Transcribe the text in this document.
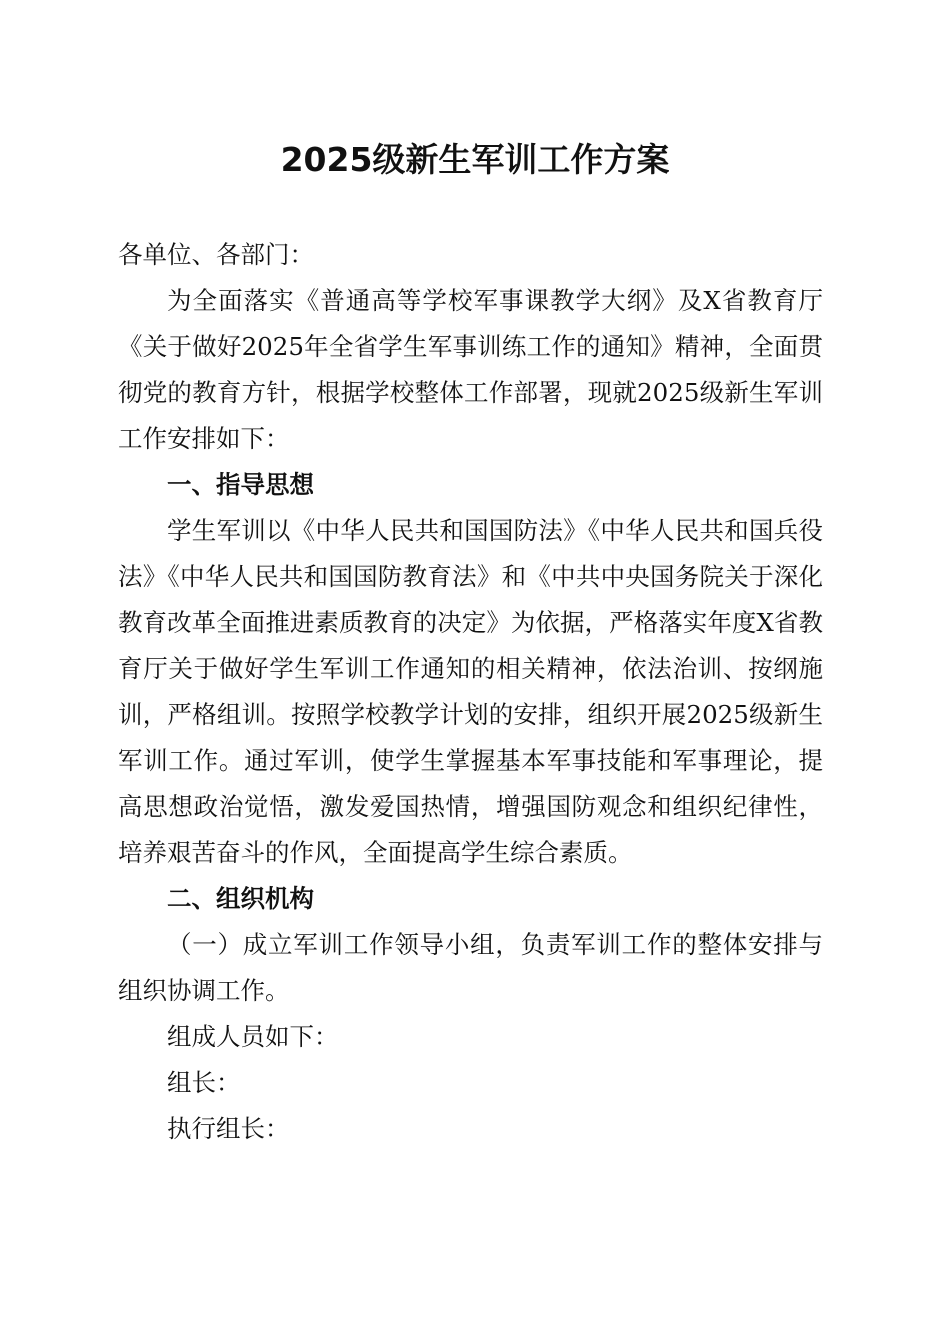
2025级新生军训工作方案

各单位、各部门：

为全面落实《普通高等学校军事课教学大纲》及X省教育厅《关于做好2025年全省学生军事训练工作的通知》精神，全面贯彻党的教育方针，根据学校整体工作部署，现就2025级新生军训工作安排如下：

一、指导思想

学生军训以《中华人民共和国国防法》《中华人民共和国兵役法》《中华人民共和国国防教育法》和《中共中央国务院关于深化教育改革全面推进素质教育的决定》为依据，严格落实年度X省教育厅关于做好学生军训工作通知的相关精神，依法治训、按纲施训，严格组训。按照学校教学计划的安排，组织开展2025级新生军训工作。通过军训，使学生掌握基本军事技能和军事理论，提高思想政治觉悟，激发爱国热情，增强国防观念和组织纪律性，培养艰苦奋斗的作风，全面提高学生综合素质。

二、组织机构

（一）成立军训工作领导小组，负责军训工作的整体安排与组织协调工作。

组成人员如下：

组长：

执行组长：
